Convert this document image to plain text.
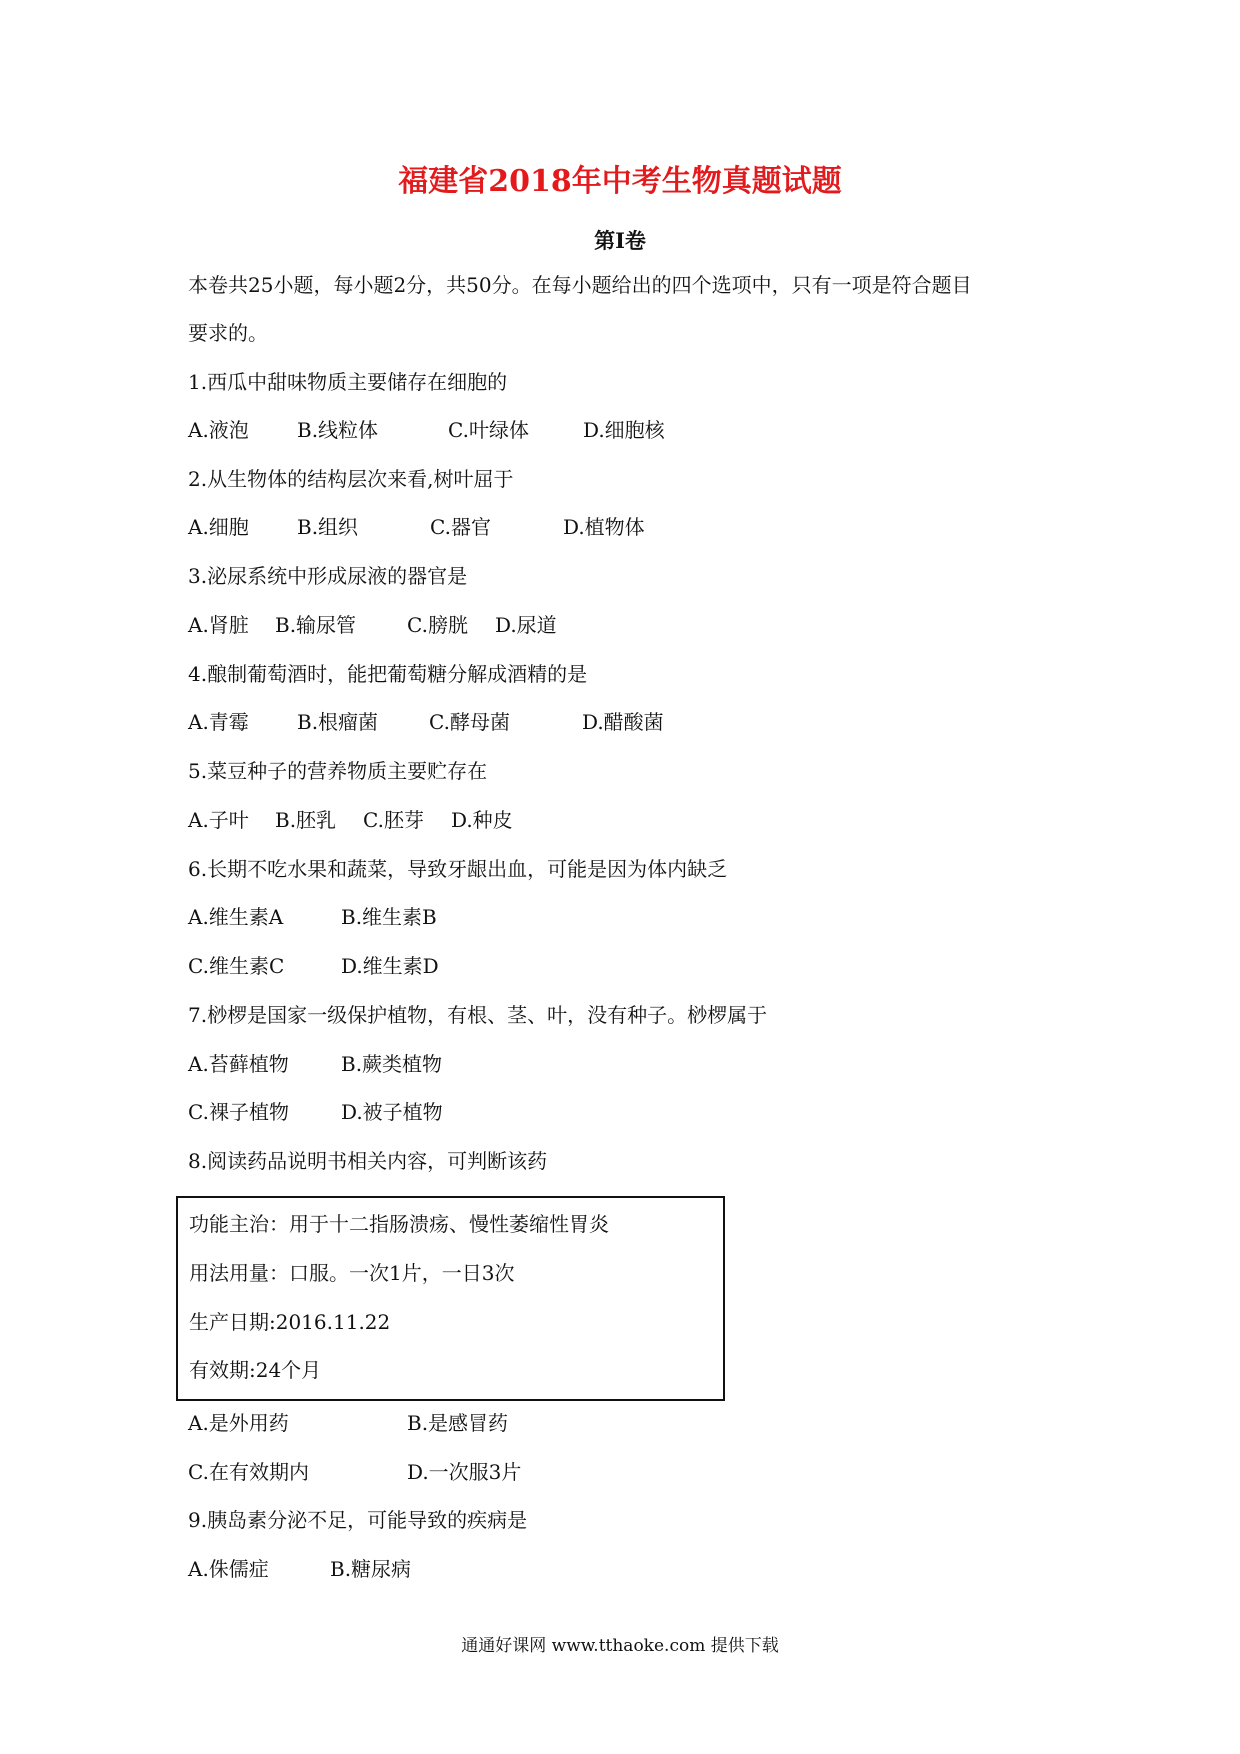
福建省2018年中考生物真题试题
第Ⅰ卷
本卷共25小题，每小题2分，共50分。在每小题给出的四个选项中，只有一项是符合题目
要求的。
1.西瓜中甜味物质主要储存在细胞的
A.液泡 B.线粒体	C.叶绿体	D.细胞核
2.从生物体的结构层次来看,树叶屈于
A.细胞 B.组织	C.器官	D.植物体
3.泌尿系统中形成尿液的器官是
A.肾脏 B.输尿管	C.膀胱 D.尿道
4.酿制葡萄酒时，能把葡萄糖分解成酒精的是
A.青霉 B.根瘤菌	C.酵母菌	D.醋酸菌
5.菜豆种子的营养物质主要贮存在
A.子叶 B.胚乳 C.胚芽 D.种皮
6.长期不吃水果和蔬菜，导致牙龈出血，可能是因为体内缺乏
A.维生素A	B.维生素B
C.维生素C	D.维生素D
7.桫椤是国家一级保护植物，有根、茎、叶，没有种子。桫椤属于
A.苔藓植物	B.蕨类植物
C.裸子植物	D.被子植物
8.阅读药品说明书相关内容，可判断该药
功能主治：用于十二指肠溃疡、慢性萎缩性胃炎
用法用量：口服。一次1片，一日3次
生产日期:2016.11.22
有效期:24个月
A.是外用药	B.是感冒药
C.在有效期内	D.一次服3片
9.胰岛素分泌不足，可能导致的疾病是
A.侏儒症	B.糖尿病
通通好课网 www.tthaoke.com 提供下载
